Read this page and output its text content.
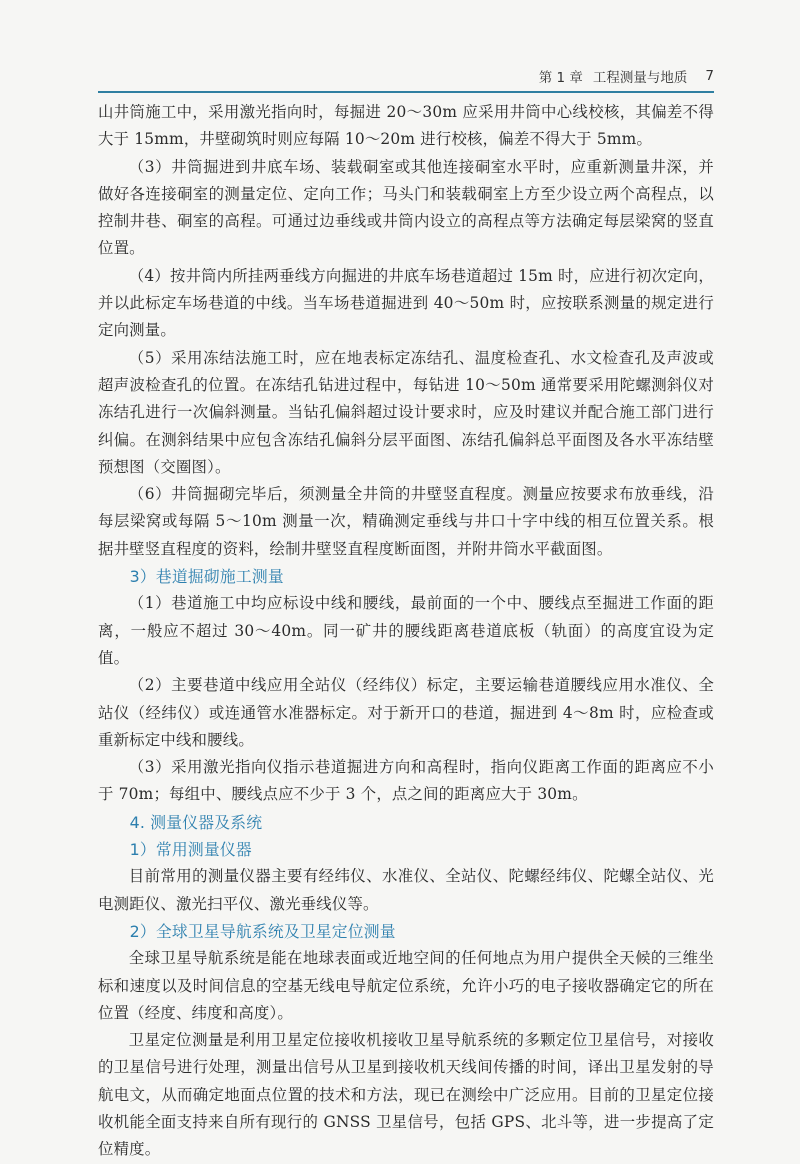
第 1 章 工程测量与地质 7

山井筒施工中，采用激光指向时，每掘进 20～30m 应采用井筒中心线校核，其偏差不得大于 15mm，井壁砌筑时则应每隔 10～20m 进行校核，偏差不得大于 5mm。

（3）井筒掘进到井底车场、装载硐室或其他连接硐室水平时，应重新测量井深，并做好各连接硐室的测量定位、定向工作；马头门和装载硐室上方至少设立两个高程点，以控制井巷、硐室的高程。可通过边垂线或井筒内设立的高程点等方法确定每层梁窝的竖直位置。

（4）按井筒内所挂两垂线方向掘进的井底车场巷道超过 15m 时，应进行初次定向，并以此标定车场巷道的中线。当车场巷道掘进到 40～50m 时，应按联系测量的规定进行定向测量。

（5）采用冻结法施工时，应在地表标定冻结孔、温度检查孔、水文检查孔及声波或超声波检查孔的位置。在冻结孔钻进过程中，每钻进 10～50m 通常要采用陀螺测斜仪对冻结孔进行一次偏斜测量。当钻孔偏斜超过设计要求时，应及时建议并配合施工部门进行纠偏。在测斜结果中应包含冻结孔偏斜分层平面图、冻结孔偏斜总平面图及各水平冻结壁预想图（交圈图）。

（6）井筒掘砌完毕后，须测量全井筒的井壁竖直程度。测量应按要求布放垂线，沿每层梁窝或每隔 5～10m 测量一次，精确测定垂线与井口十字中线的相互位置关系。根据井壁竖直程度的资料，绘制井壁竖直程度断面图，并附井筒水平截面图。

3）巷道掘砌施工测量

（1）巷道施工中均应标设中线和腰线，最前面的一个中、腰线点至掘进工作面的距离，一般应不超过 30～40m。同一矿井的腰线距离巷道底板（轨面）的高度宜设为定值。

（2）主要巷道中线应用全站仪（经纬仪）标定，主要运输巷道腰线应用水准仪、全站仪（经纬仪）或连通管水准器标定。对于新开口的巷道，掘进到 4～8m 时，应检查或重新标定中线和腰线。

（3）采用激光指向仪指示巷道掘进方向和高程时，指向仪距离工作面的距离应不小于 70m；每组中、腰线点应不少于 3 个，点之间的距离应大于 30m。

4. 测量仪器及系统

1）常用测量仪器

目前常用的测量仪器主要有经纬仪、水准仪、全站仪、陀螺经纬仪、陀螺全站仪、光电测距仪、激光扫平仪、激光垂线仪等。

2）全球卫星导航系统及卫星定位测量

全球卫星导航系统是能在地球表面或近地空间的任何地点为用户提供全天候的三维坐标和速度以及时间信息的空基无线电导航定位系统，允许小巧的电子接收器确定它的所在位置（经度、纬度和高度）。

卫星定位测量是利用卫星定位接收机接收卫星导航系统的多颗定位卫星信号，对接收的卫星信号进行处理，测量出信号从卫星到接收机天线间传播的时间，译出卫星发射的导航电文，从而确定地面点位置的技术和方法，现已在测绘中广泛应用。目前的卫星定位接收机能全面支持来自所有现行的 GNSS 卫星信号，包括 GPS、北斗等，进一步提高了定位精度。
